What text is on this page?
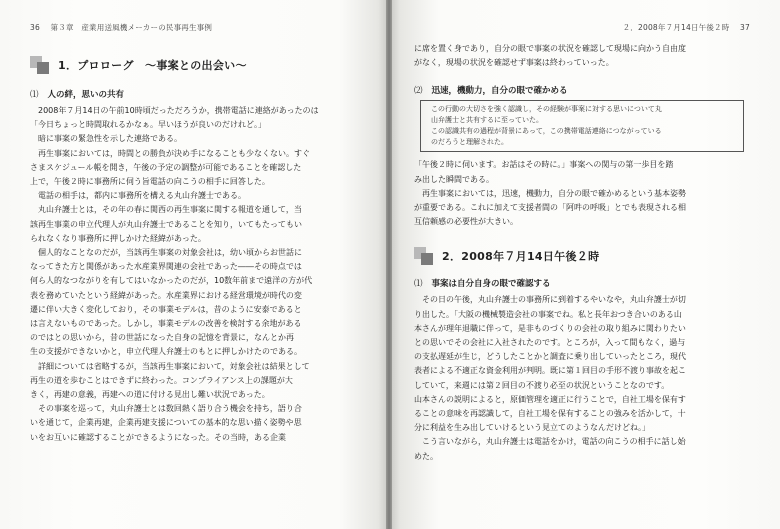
36 第３章　産業用送風機メーカーの民事再生事例
1．プロローグ　〜事案との出会い〜
⑴ 人の絆，思いの共有

　2008年７月14日の午前10時頃だっただろうか，携帯電話に連絡があったのは

「今日ちょっと時間取れるかなぁ。早いほうが良いのだけれど。」

　暗に事案の緊急性を示した連絡である。

　再生事案においては，時間との勝負が決め手になることも少なくない。すぐ

さまスケジュール帳を開き，午後の予定の調整が可能であることを確認した

上で，午後２時に事務所に伺う旨電話の向こうの相手に回答した。

　電話の相手は，都内に事務所を構える丸山弁護士である。

　丸山弁護士とは，その年の春に関西の再生事案に関する報道を通して，当

該再生事業の申立代理人が丸山弁護士であることを知り，いてもたってもい

られなくなり事務所に押しかけた経緯があった。

　個人的なことなのだが，当該再生事案の対象会社は，幼い頃からお世話に

なってきた方と関係があった水産業界関連の会社であった――その時点では

何ら人的なつながりを有してはいなかったのだが，10数年前まで遠洋の方が代

表を務めていたという経緯があった。水産業界における経営環境が時代の変

遷に伴い大きく変化しており，その事業モデルは，昔のように安泰であると

は言えないものであった。しかし，事業モデルの改善を検討する余地がある

のではとの思いから，昔の世話になった自身の記憶を背景に，なんとか再

生の支援ができないかと，申立代理人弁護士のもとに押しかけたのである。

　詳細については省略するが，当該再生事案において，対象会社は結果として

再生の道を歩むことはできずに終わった。コンプライアンス上の課題が大

きく，再建の意義，再建への道に付ける見出し難い状況であった。

　その事案を巡って，丸山弁護士とは数回熱く語り合う機会を持ち，語り合

いを通じて，企業再建，企業再建支援についての基本的な思い描く姿勢や思

いをお互いに確認することができるようになった。その当時，ある企業

２．2008年７月14日午後２時 37

に席を置く身であり，自分の眼で事案の状況を確認して現場に向かう自由度

がなく，現場の状況を確認せず事案は終わっていった。

⑵ 迅速，機動力，自分の眼で確かめる

この行動の大切さを強く認識し，その経験が事案に対する思いについて丸

山弁護士と共有するに至っていた。

この認識共有の過程が背景にあって，この携帯電話連絡につながっている

のだろうと理解された。

「午後２時に伺います。お話はその時に。」事案への関与の第一歩目を踏

み出した瞬間である。

　再生事案においては，迅速，機動力，自分の眼で確かめるという基本姿勢

が重要である。これに加えて支援者間の「阿吽の呼吸」とでも表現される相

互信頼感の必要性が大きい。

2．2008年７月14日午後２時
⑴ 事案は自分自身の眼で確認する

　その日の午後，丸山弁護士の事務所に到着するやいなや，丸山弁護士が切

り出した。「大阪の機械製造会社の事案でね。私と長年おつき合いのある山

本さんが理年退職に伴って，是非ものづくりの会社の取り組みに関わりたい

との思いでその会社に入社されたのです。ところが，入って間もなく，過与

の支払遅延が生じ，どうしたことかと調査に乗り出していったところ，現代

表者による不適正な資金利用が判明。既に第１回目の手形不渡り事故を起こ

していて，来週には第２回目の不渡り必至の状況ということなのです。

山本さんの説明によると，原価管理を適正に行うことで，自社工場を保有す

ることの意味を再認識して，自社工場を保有することの強みを活かして，十

分に利益を生み出していけるという見立てのようなんだけどね。」

　こう言いながら，丸山弁護士は電話をかけ，電話の向こうの相手に話し始

めた。
